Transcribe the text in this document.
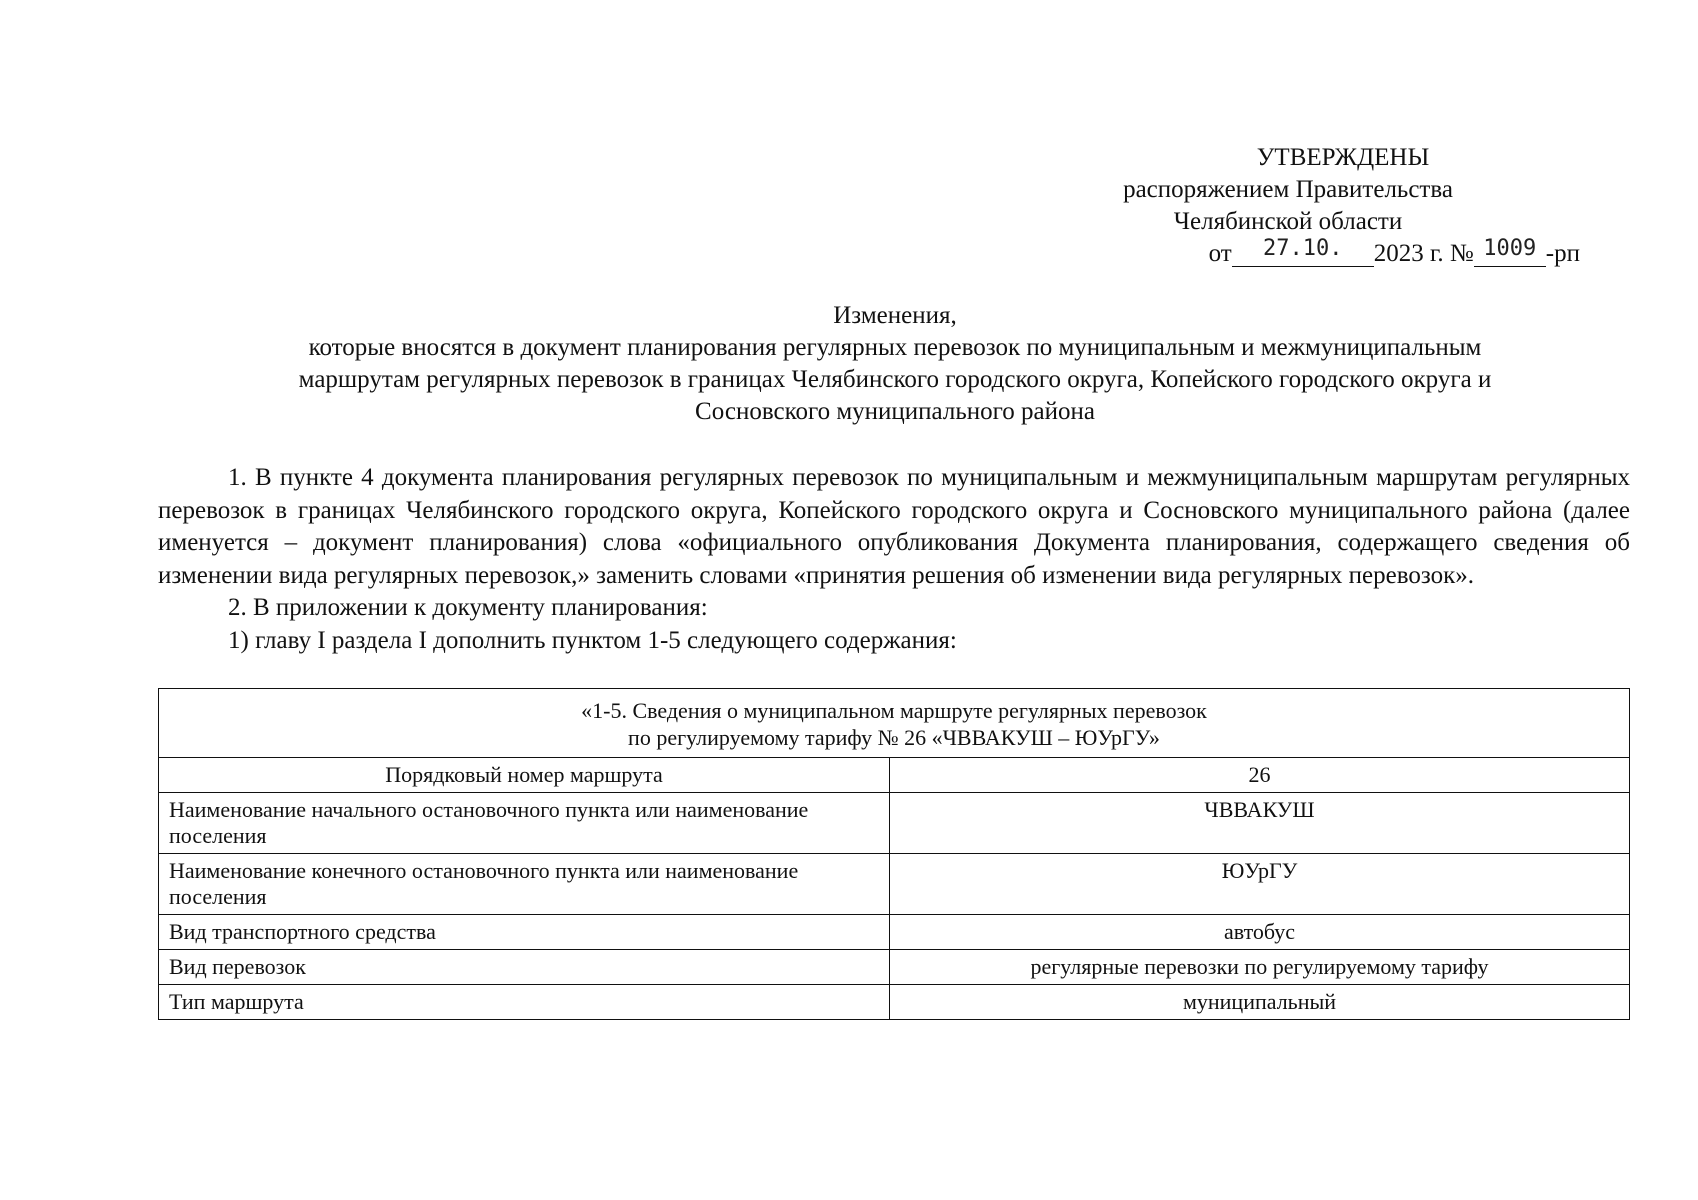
УТВЕРЖДЕНЫ
распоряжением Правительства
Челябинской области
от 27.10. 2023 г. № 1009 -рп
Изменения,
которые вносятся в документ планирования регулярных перевозок по муниципальным и межмуниципальным
маршрутам регулярных перевозок в границах Челябинского городского округа, Копейского городского округа и
Сосновского муниципального района

1. В пункте 4 документа планирования регулярных перевозок по муниципальным и межмуниципальным маршрутам регулярных перевозок в границах Челябинского городского округа, Копейского городского округа и Сосновского муниципального района (далее именуется – документ планирования) слова «официального опубликования Документа планирования, содержащего сведения об изменении вида регулярных перевозок,» заменить словами «принятия решения об изменении вида регулярных перевозок».

2. В приложении к документу планирования:

1) главу I раздела I дополнить пунктом 1-5 следующего содержания:

«1-5. Сведения о муниципальном маршруте регулярных перевозок
по регулируемому тарифу № 26 «ЧВВАКУШ – ЮУрГУ»	

Порядковый номер маршрута	26
Наименование начального остановочного пункта или наименование поселения	ЧВВАКУШ
Наименование конечного остановочного пункта или наименование поселения	ЮУрГУ
Вид транспортного средства	автобус
Вид перевозок	регулярные перевозки по регулируемому тарифу
Тип маршрута	муниципальный
